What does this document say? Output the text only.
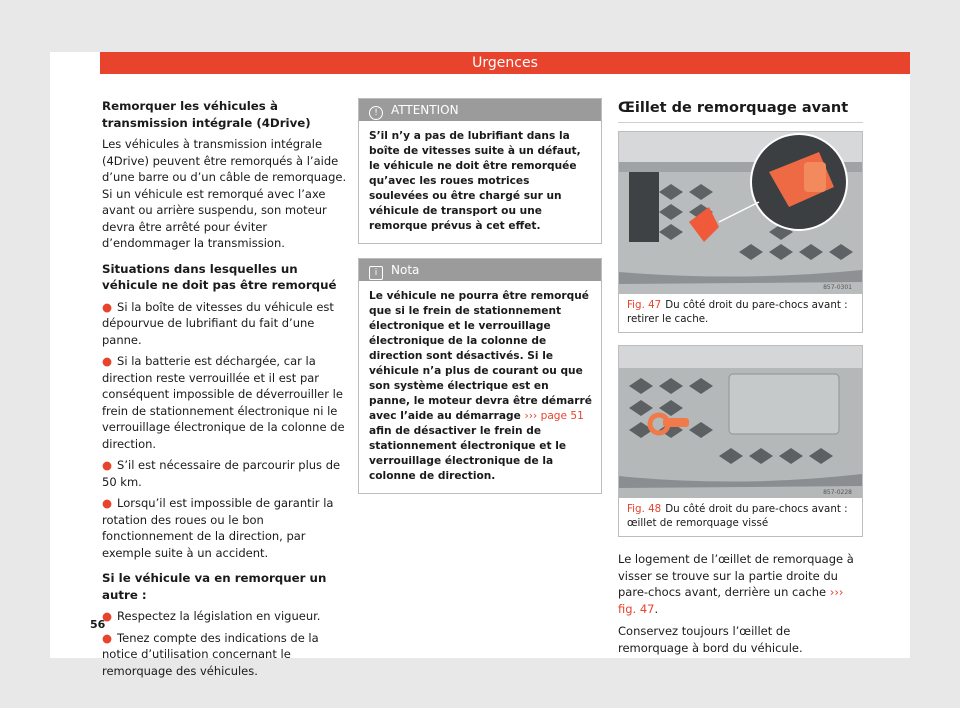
Urgences
Remorquer les véhicules à transmission intégrale (4Drive)

Les véhicules à transmission intégrale (4Drive) peuvent être remorqués à l’aide d’une barre ou d’un câble de remorquage. Si un véhicule est remorqué avec l’axe avant ou arrière suspendu, son moteur devra être arrêté pour éviter d’endommager la transmission.

Situations dans lesquelles un véhicule ne doit pas être remorqué
● Si la boîte de vitesses du véhicule est dépourvue de lubrifiant du fait d’une panne.
● Si la batterie est déchargée, car la direction reste verrouillée et il est par conséquent impossible de déverrouiller le frein de stationnement électronique ni le verrouillage électronique de la colonne de direction.
● S’il est nécessaire de parcourir plus de 50 km.
● Lorsqu’il est impossible de garantir la rotation des roues ou le bon fonctionnement de la direction, par exemple suite à un accident.
Si le véhicule va en remorquer un autre :
● Respectez la législation en vigueur.
● Tenez compte des indications de la notice d’utilisation concernant le remorquage des véhicules.
56
! ATTENTION
S’il n’y a pas de lubrifiant dans la boîte de vitesses suite à un défaut, le véhicule ne doit être remorquée qu’avec les roues motrices soulevées ou être chargé sur un véhicule de transport ou une remorque prévus à cet effet.
i Nota
Le véhicule ne pourra être remorqué que si le frein de stationnement électronique et le verrouillage électronique de la colonne de direction sont désactivés. Si le véhicule n’a plus de courant ou que son système électrique est en panne, le moteur devra être démarré avec l’aide au démarrage ››› page 51 afin de désactiver le frein de stationnement électronique et le verrouillage électronique de la colonne de direction.
Œillet de remorquage avant
857-0301
Fig. 47 Du côté droit du pare-chocs avant : retirer le cache.
857-0228
Fig. 48 Du côté droit du pare-chocs avant : œillet de remorquage vissé

Le logement de l’œillet de remorquage à visser se trouve sur la partie droite du pare-chocs avant, derrière un cache ››› fig. 47.

Conservez toujours l’œillet de remorquage à bord du véhicule.
